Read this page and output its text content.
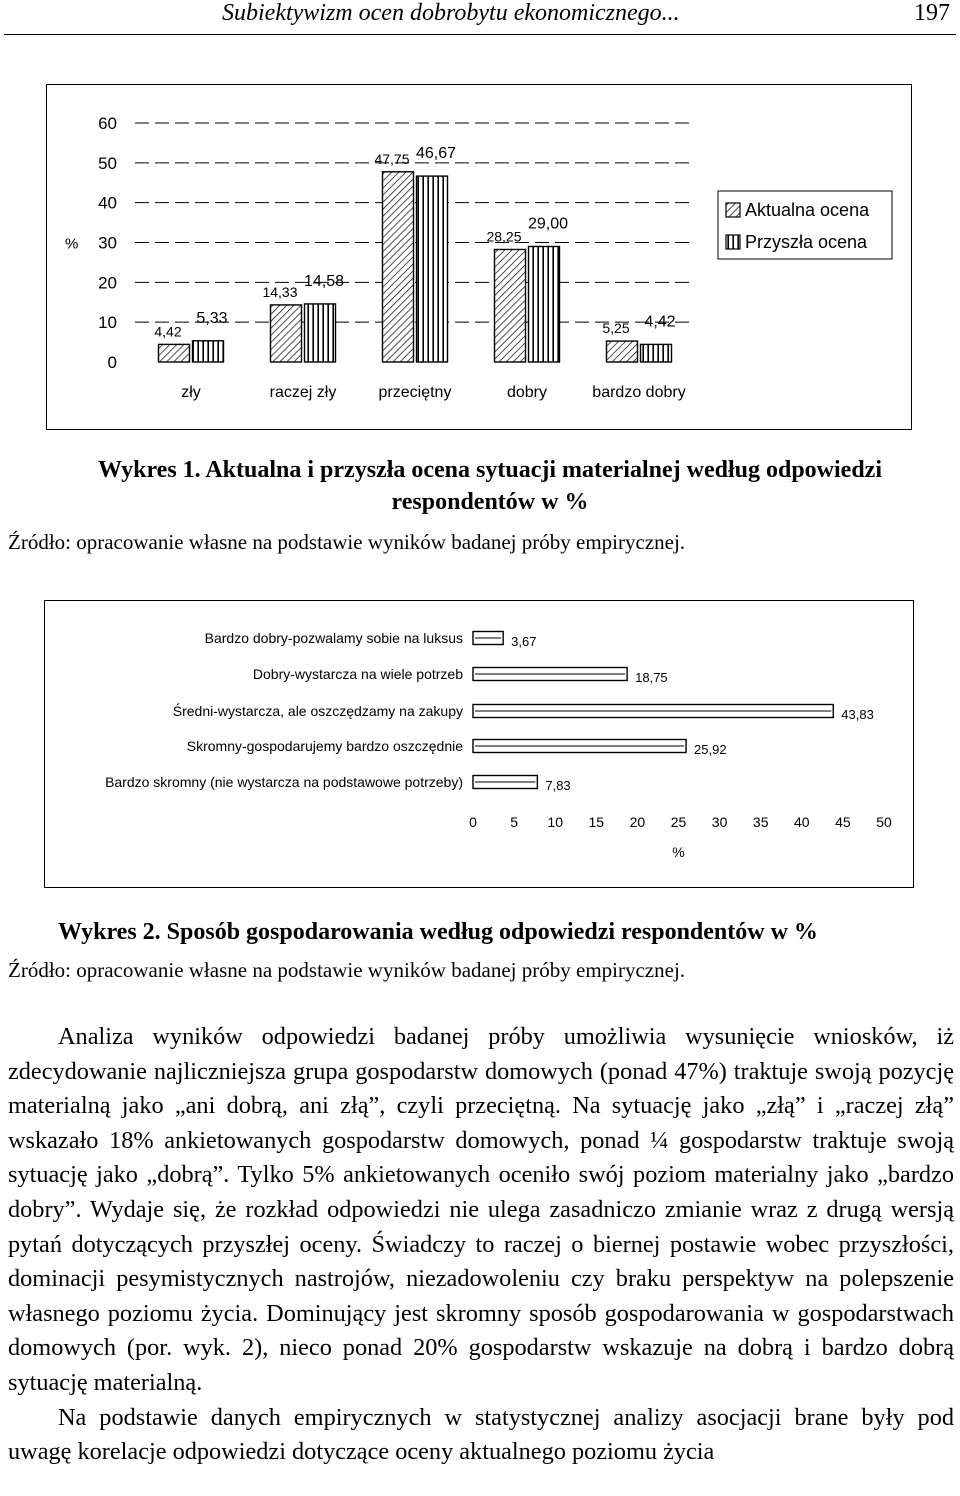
Subiektywizm ocen dobrobytu ekonomicznego...	197
0
10
20
30
40
50
60
%
zły
4,42
5,33
raczej zły
14,33
14,58
przeciętny
47,75 46,67
dobry
28,25
29,00
bardzo dobry
5,25 4,42
Aktualna ocena
Przyszła ocena
Wykres 1. Aktualna i przyszła ocena sytuacji materialnej według odpowiedzi respondentów w %
Źródło: opracowanie własne na podstawie wyników badanej próby empirycznej.
Bardzo dobry-pozwalamy sobie na luksus	3,67
Dobry-wystarcza na wiele potrzeb	18,75
Średni-wystarcza, ale oszczędzamy na zakupy	43,83
Skromny-gospodarujemy bardzo oszczędnie	25,92
Bardzo skromny (nie wystarcza na podstawowe potrzeby)	7,83
0 5 10 15 20 25 30 35 40 45 50
%
Wykres 2. Sposób gospodarowania według odpowiedzi respondentów w %
Źródło: opracowanie własne na podstawie wyników badanej próby empirycznej.

Analiza wyników odpowiedzi badanej próby umożliwia wysunięcie wniosków, iż zdecydowanie najliczniejsza grupa gospodarstw domowych (ponad 47%) traktuje swoją pozycję materialną jako „ani dobrą, ani złą”, czyli przeciętną. Na sytuację jako „złą” i „raczej złą” wskazało 18% ankietowanych gospodarstw domowych, ponad ¼ gospodarstw traktuje swoją sytuację jako „dobrą”. Tylko 5% ankietowanych oceniło swój poziom materialny jako „bardzo dobry”. Wydaje się, że rozkład odpowiedzi nie ulega zasadniczo zmianie wraz z drugą wersją pytań dotyczących przyszłej oceny. Świadczy to raczej o biernej postawie wobec przyszłości, dominacji pesymistycznych nastrojów, niezadowoleniu czy braku perspektyw na polepszenie własnego poziomu życia. Dominujący jest skromny sposób gospodarowania w gospodarstwach domowych (por. wyk. 2), nieco ponad 20% gospodarstw wskazuje na dobrą i bardzo dobrą sytuację materialną.

Na podstawie danych empirycznych w statystycznej analizy asocjacji brane były pod uwagę korelacje odpowiedzi dotyczące oceny aktualnego poziomu życia
